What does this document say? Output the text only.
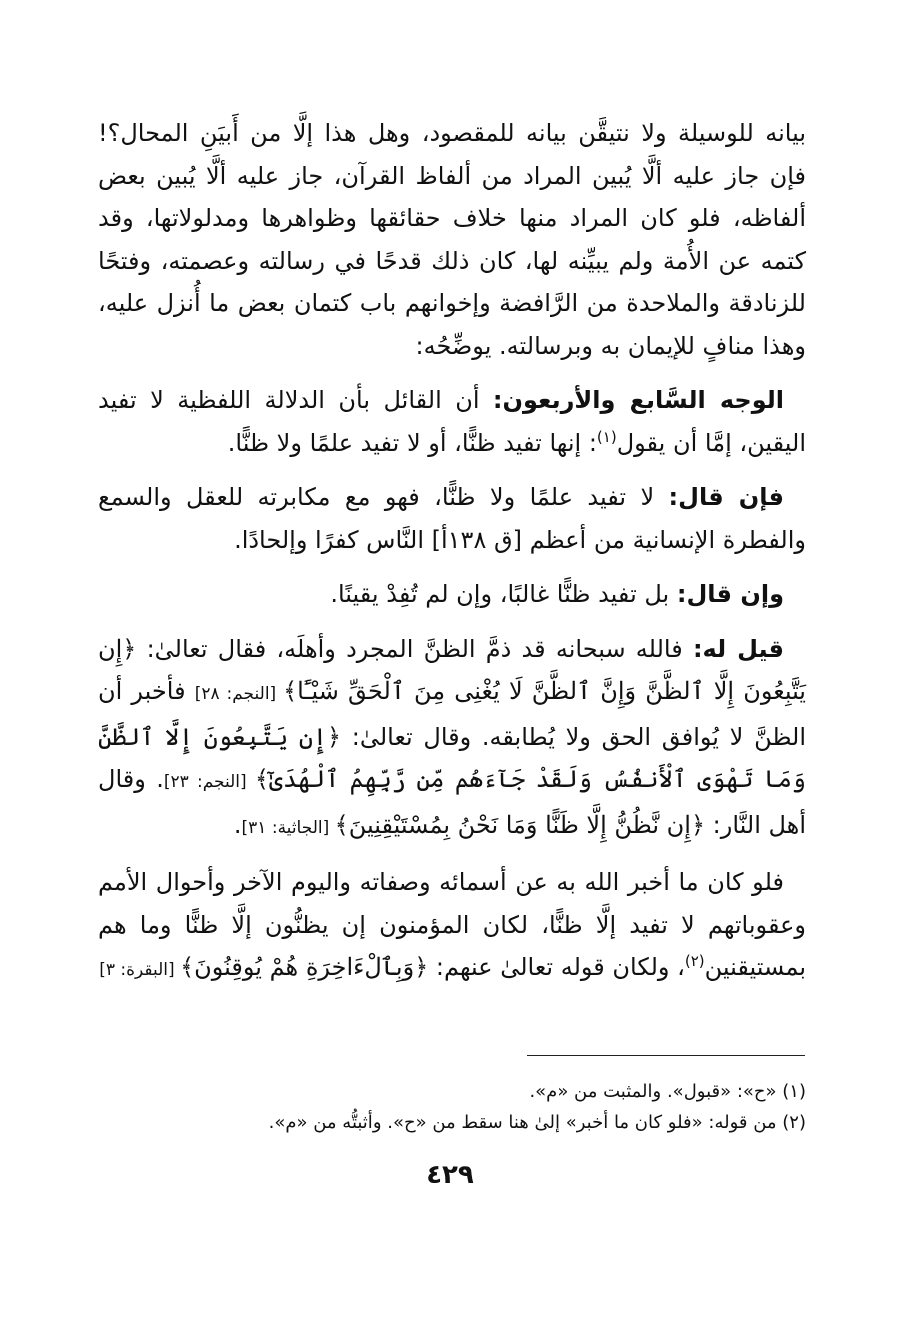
بيانه للوسيلة ولا نتيقَّن بيانه للمقصود، وهل هذا إلَّا من أَبيَنِ المحال؟! فإن جاز عليه ألَّا يُبين المراد من ألفاظ القرآن، جاز عليه ألَّا يُبين بعض ألفاظه، فلو كان المراد منها خلاف حقائقها وظواهرها ومدلولاتها، وقد كتمه عن الأُمة ولم يبيِّنه لها، كان ذلك قدحًا في رسالته وعصمته، وفتحًا للزنادقة والملاحدة من الرَّافضة وإخوانهم باب كتمان بعض ما أُنزل عليه، وهذا منافٍ للإيمان به وبرسالته. يوضِّحُه:

الوجه السَّابع والأربعون: أن القائل بأن الدلالة اللفظية لا تفيد اليقين، إمَّا أن يقول$^{(١)}$: إنها تفيد ظنًّا، أو لا تفيد علمًا ولا ظنًّا.

فإن قال: لا تفيد علمًا ولا ظنًّا، فهو مع مكابرته للعقل والسمع والفطرة الإنسانية من أعظم [ق ١٣٨أ] النَّاس كفرًا وإلحادًا.

وإن قال: بل تفيد ظنًّا غالبًا، وإن لم تُفِدْ يقينًا.

قيل له: فالله سبحانه قد ذمَّ الظنَّ المجرد وأهلَه، فقال تعالىٰ: ﴿إِن يَتَّبِعُونَ إِلَّا ٱلظَّنَّ وَإِنَّ ٱلظَّنَّ لَا يُغْنِى مِنَ ٱلْحَقِّ شَيْـًٔا﴾ [النجم: ٢٨] فأخبر أن الظنَّ لا يُوافق الحق ولا يُطابقه. وقال تعالىٰ: ﴿إِن يَتَّبِعُونَ إِلَّا ٱلظَّنَّ وَمَا تَهْوَى ٱلْأَنفُسُ وَلَقَدْ جَآءَهُم مِّن رَّبِّهِمُ ٱلْهُدَىٰٓ﴾ [النجم: ٢٣]. وقال أهل النَّار: ﴿إِن نَّظُنُّ إِلَّا ظَنًّا وَمَا نَحْنُ بِمُسْتَيْقِنِينَ﴾ [الجاثية: ٣١].

فلو كان ما أخبر الله به عن أسمائه وصفاته واليوم الآخر وأحوال الأمم وعقوباتهم لا تفيد إلَّا ظنًّا، لكان المؤمنون إن يظنُّون إلَّا ظنًّا وما هم بمستيقنين$^{(٢)}$، ولكان قوله تعالىٰ عنهم: ﴿وَبِٱلْءَاخِرَةِ هُمْ يُوقِنُونَ﴾ [البقرة: ٣]

(١) «ح»: «قبول». والمثبت من «م».
(٢) من قوله: «فلو كان ما أخبر» إلىٰ هنا سقط من «ح». وأثبتُّه من «م».
٤٢٩
